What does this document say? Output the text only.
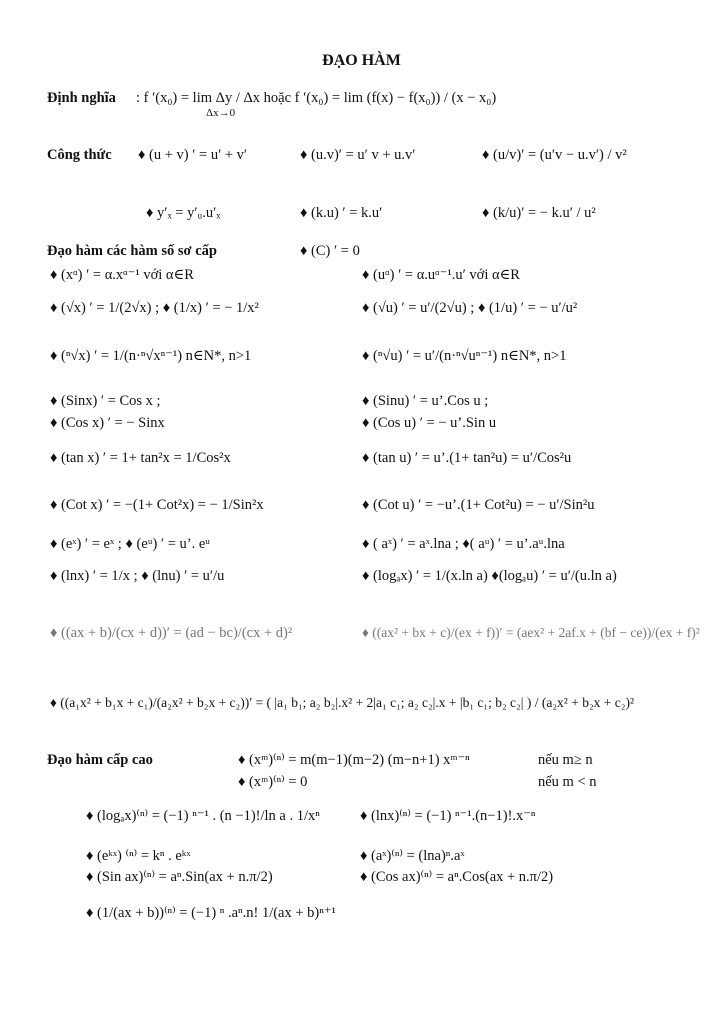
ĐẠO HÀM
Định nghĩa : f ′(x₀) = lim Δy / Δx hoặc f ′(x₀) = lim (f(x) − f(x₀)) / (x − x₀)
Δx→0
Công thức ♦ (u + v) ′ = u′ + v′	♦ (u.v)′ = u′ v + u.v′	♦ (u/v)′ = (u′v − u.v′) / v²
♦ y′ₓ = y′ᵤ.u′ₓ	♦ (k.u) ′ = k.u′	♦ (k/u)′ = − k.u′ / u²
Đạo hàm các hàm số sơ cấp	♦ (C) ′ = 0
♦ (xᵅ) ′ = α.xᵅ⁻¹ với α∈R	♦ (uᵅ) ′ = α.uᵅ⁻¹.u′ với α∈R
♦ (√x) ′ = 1/(2√x) ; ♦ (1/x) ′ = − 1/x²	♦ (√u) ′ = u′/(2√u) ; ♦ (1/u) ′ = − u′/u²
♦ (ⁿ√x) ′ = 1/(n·ⁿ√xⁿ⁻¹) n∈N*, n>1	♦ (ⁿ√u) ′ = u′/(n·ⁿ√uⁿ⁻¹) n∈N*, n>1
♦ (Sinx) ′ = Cos x ;	♦ (Sinu) ′ = u’.Cos u ;
♦ (Cos x) ′ = − Sinx	♦ (Cos u) ′ = − u’.Sin u
♦ (tan x) ′ = 1+ tan²x = 1/Cos²x	♦ (tan u) ′ = u’.(1+ tan²u) = u′/Cos²u
♦ (Cot x) ′ = −(1+ Cot²x) = − 1/Sin²x	♦ (Cot u) ′ = −u’.(1+ Cot²u) = − u′/Sin²u
♦ (eˣ) ′ = eˣ ; ♦ (eᵘ) ′ = u’. eᵘ	♦ ( aˣ) ′ = aˣ.lna ; ♦( aᵘ) ′ = u’.aᵘ.lna
♦ (lnx) ′ = 1/x ; ♦ (lnu) ′ = u′/u	♦ (logₐx) ′ = 1/(x.ln a) ♦(logₐu) ′ = u′/(u.ln a)
♦ ((ax + b)/(cx + d))′ = (ad − bc)/(cx + d)²	♦ ((ax² + bx + c)/(ex + f))′ = (aex² + 2af.x + (bf − ce))/(ex + f)²
♦ ((a₁x² + b₁x + c₁)/(a₂x² + b₂x + c₂))′ = ( |a₁ b₁; a₂ b₂|.x² + 2|a₁ c₁; a₂ c₂|.x + |b₁ c₁; b₂ c₂| ) / (a₂x² + b₂x + c₂)²
Đạo hàm cấp cao	♦ (xᵐ)⁽ⁿ⁾ = m(m−1)(m−2) (m−n+1) xᵐ⁻ⁿ	nếu m≥ n
♦ (xᵐ)⁽ⁿ⁾ = 0	nếu m < n
♦ (logₐx)⁽ⁿ⁾ = (−1) ⁿ⁻¹ . (n −1)!/ln a . 1/xⁿ	♦ (lnx)⁽ⁿ⁾ = (−1) ⁿ⁻¹.(n−1)!.x⁻ⁿ
♦ (eᵏˣ) ⁽ⁿ⁾ = kⁿ . eᵏˣ	♦ (aˣ)⁽ⁿ⁾ = (lna)ⁿ.aˣ
♦ (Sin ax)⁽ⁿ⁾ = aⁿ.Sin(ax + n.π/2)	♦ (Cos ax)⁽ⁿ⁾ = aⁿ.Cos(ax + n.π/2)
♦ (1/(ax + b))⁽ⁿ⁾ = (−1) ⁿ .aⁿ.n! 1/(ax + b)ⁿ⁺¹
